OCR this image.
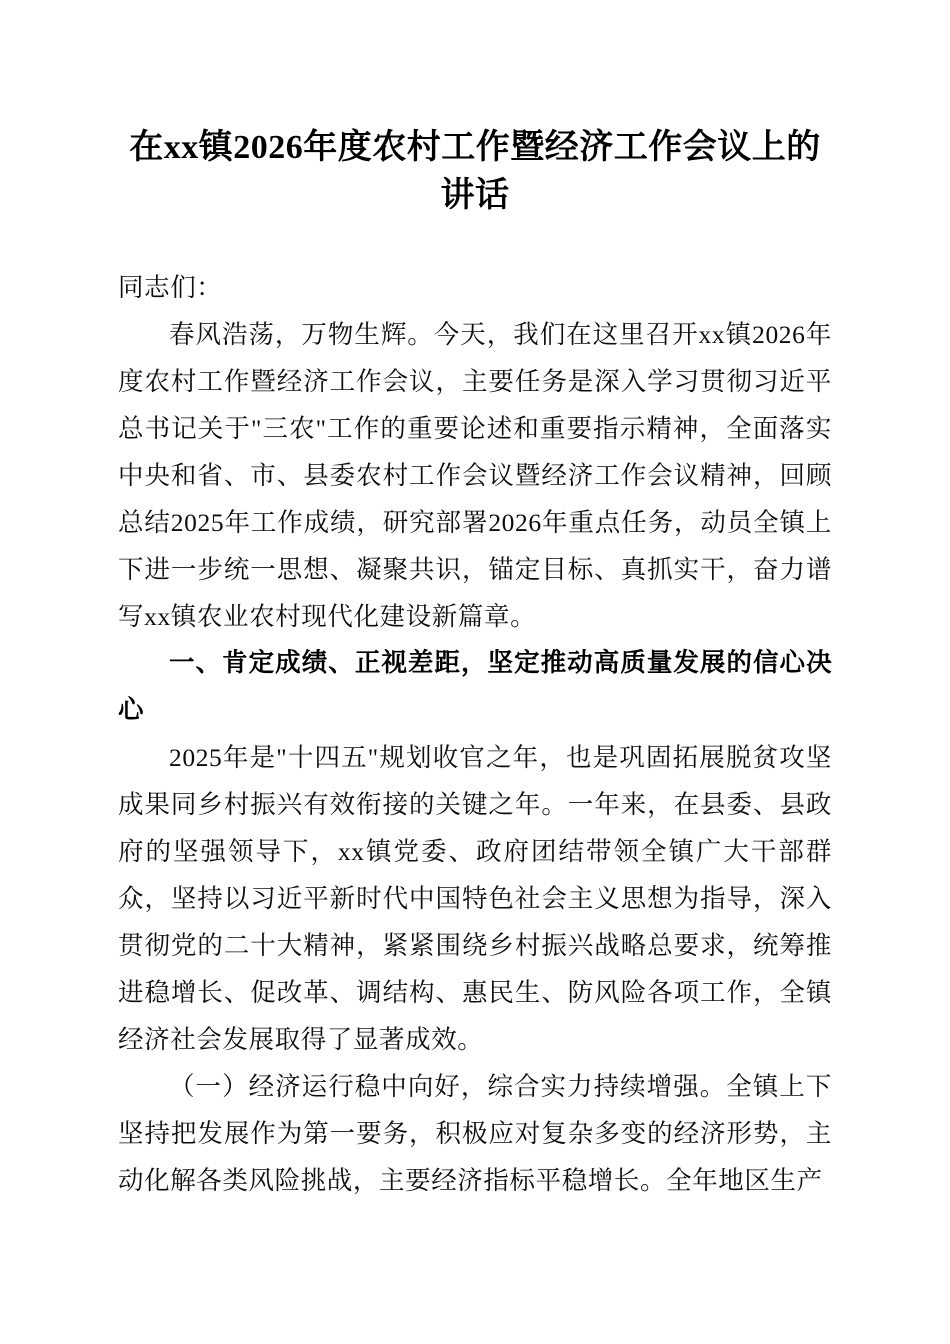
在xx镇2026年度农村工作暨经济工作会议上的讲话

同志们：

春风浩荡，万物生辉。今天，我们在这里召开xx镇2026年度农村工作暨经济工作会议，主要任务是深入学习贯彻习近平总书记关于"三农"工作的重要论述和重要指示精神，全面落实中央和省、市、县委农村工作会议暨经济工作会议精神，回顾总结2025年工作成绩，研究部署2026年重点任务，动员全镇上下进一步统一思想、凝聚共识，锚定目标、真抓实干，奋力谱写xx镇农业农村现代化建设新篇章。

一、肯定成绩、正视差距，坚定推动高质量发展的信心决心

2025年是"十四五"规划收官之年，也是巩固拓展脱贫攻坚成果同乡村振兴有效衔接的关键之年。一年来，在县委、县政府的坚强领导下，xx镇党委、政府团结带领全镇广大干部群众，坚持以习近平新时代中国特色社会主义思想为指导，深入贯彻党的二十大精神，紧紧围绕乡村振兴战略总要求，统筹推进稳增长、促改革、调结构、惠民生、防风险各项工作，全镇经济社会发展取得了显著成效。

（一）经济运行稳中向好，综合实力持续增强。全镇上下坚持把发展作为第一要务，积极应对复杂多变的经济形势，主动化解各类风险挑战，主要经济指标平稳增长。全年地区生产
